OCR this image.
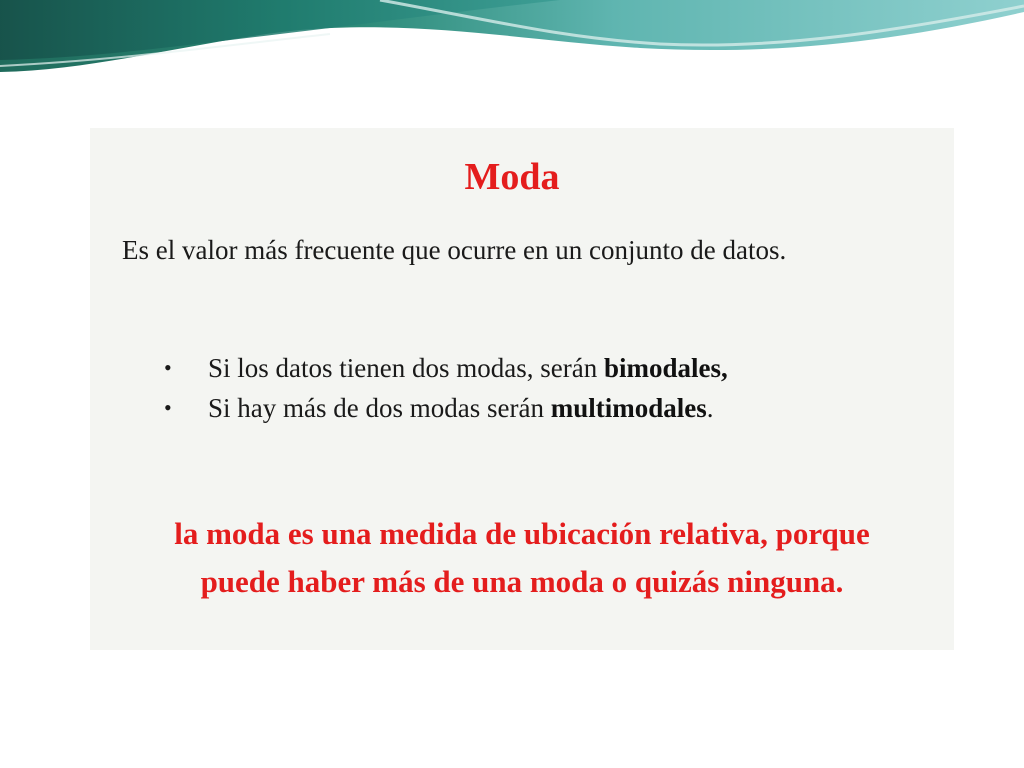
Moda

Es el valor más frecuente que ocurre en un conjunto de datos.

• Si los datos tienen dos modas, serán bimodales,
• Si hay más de dos modas serán multimodales.

la moda es una medida de ubicación relativa, porque
puede haber más de una moda o quizás ninguna.
